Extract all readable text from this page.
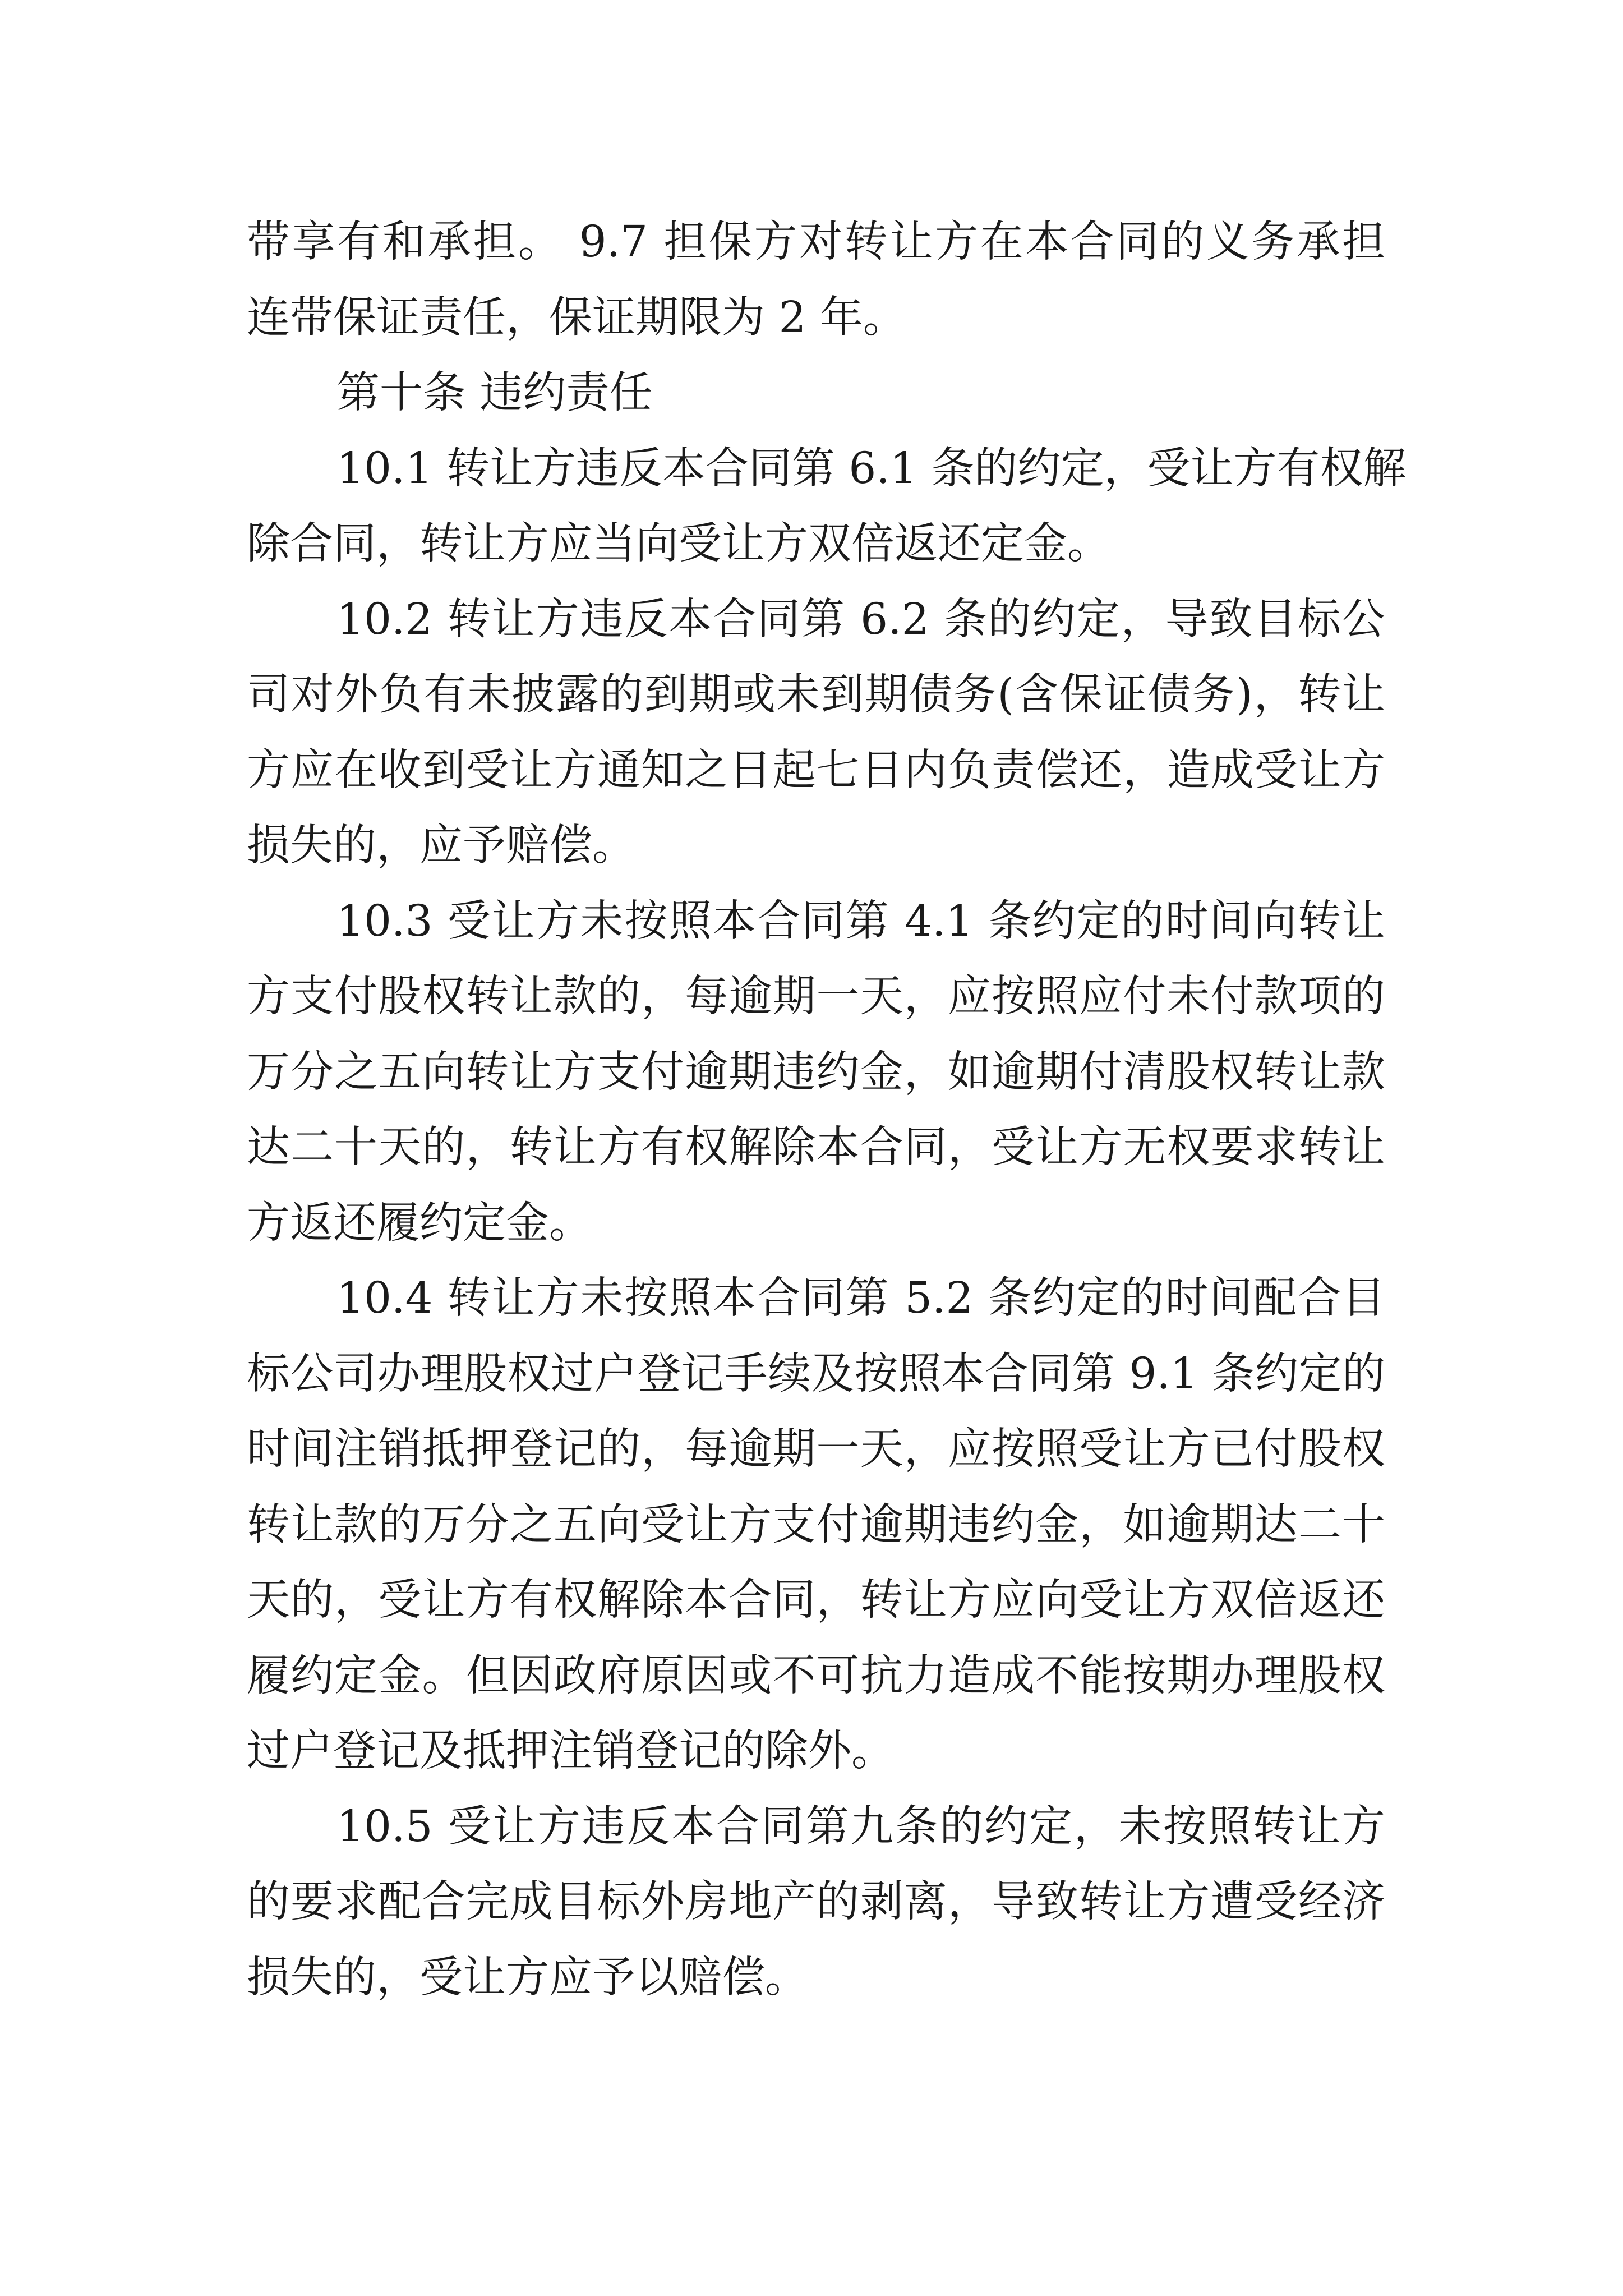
带享有和承担。 9.7 担保方对转让方在本合同的义务承担

连带保证责任，保证期限为 2 年。

第十条 违约责任

10.1 转让方违反本合同第 6.1 条的约定，受让方有权解

除合同，转让方应当向受让方双倍返还定金。

10.2 转让方违反本合同第 6.2 条的约定，导致目标公

司对外负有未披露的到期或未到期债务(含保证债务)，转让

方应在收到受让方通知之日起七日内负责偿还，造成受让方

损失的，应予赔偿。

10.3 受让方未按照本合同第 4.1 条约定的时间向转让

方支付股权转让款的，每逾期一天，应按照应付未付款项的

万分之五向转让方支付逾期违约金，如逾期付清股权转让款

达二十天的，转让方有权解除本合同，受让方无权要求转让

方返还履约定金。

10.4 转让方未按照本合同第 5.2 条约定的时间配合目

标公司办理股权过户登记手续及按照本合同第 9.1 条约定的

时间注销抵押登记的，每逾期一天，应按照受让方已付股权

转让款的万分之五向受让方支付逾期违约金，如逾期达二十

天的，受让方有权解除本合同，转让方应向受让方双倍返还

履约定金。但因政府原因或不可抗力造成不能按期办理股权

过户登记及抵押注销登记的除外。

10.5 受让方违反本合同第九条的约定，未按照转让方

的要求配合完成目标外房地产的剥离，导致转让方遭受经济

损失的，受让方应予以赔偿。
